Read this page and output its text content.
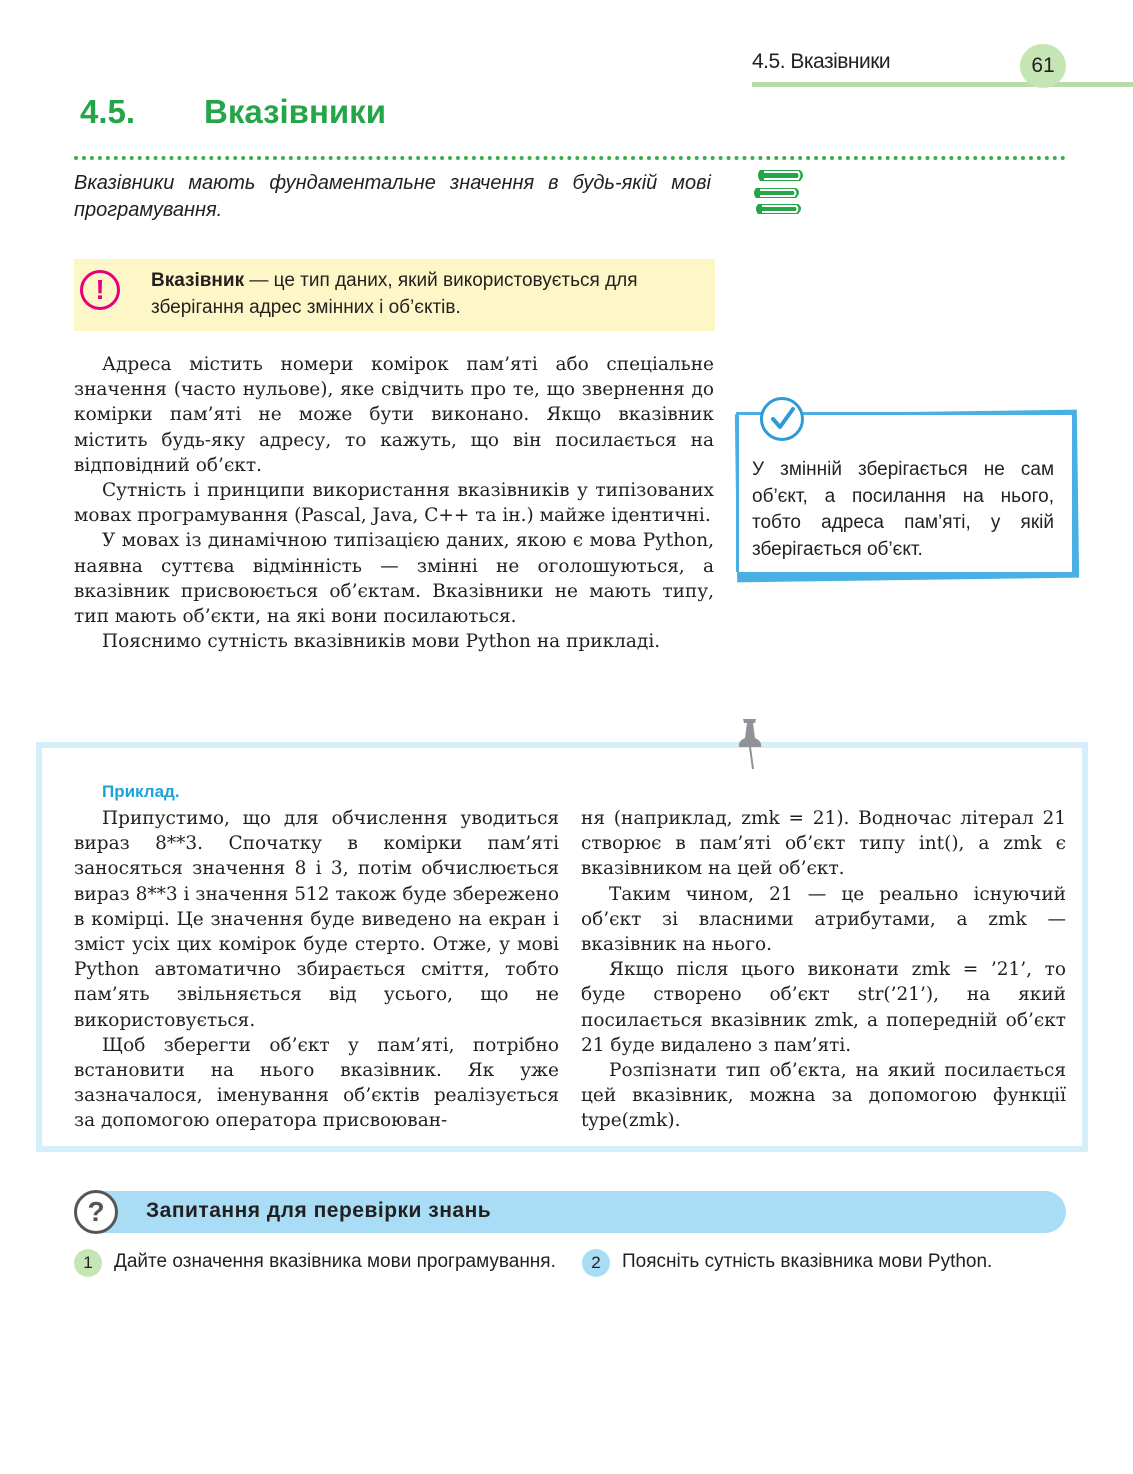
4.5. Вказівники	61
4.5. Вказівники
Вказівники мають фундаментальне значення в будь-якій мові програмування.
!	Вказівник — це тип даних, який використовується для зберігання адрес змінних і об’єктів.

Адреса містить номери комірок пам’яті або спеціальне значення (часто нульове), яке свідчить про те, що звернення до комірки пам’яті не може бути виконано. Якщо вказівник містить будь-яку адресу, то кажуть, що він посилається на відповідний об’єкт.

Сутність і принципи використання вказівників у типізованих мовах програмування (Pascal, Java, C++ та ін.) майже ідентичні.

У мовах із динамічною типізацією даних, якою є мова Python, наявна суттєва відмінність — змінні не оголошуються, а вказівник присвоюється об’єктам. Вказівники не мають типу, тип мають об’єкти, на які вони посилаються.

Пояснимо сутність вказівників мови Python на прикладі.

У змінній зберігається не сам об’єкт, а посилання на нього, тобто адреса пам’яті, у якій зберігається об’єкт.
Приклад.

Припустимо, що для обчислення уводиться вираз 8**3. Спочатку в комірки пам’яті заносяться значення 8 і 3, потім обчислюється вираз 8**3 і значення 512 також буде збережено в комірці. Це значення буде виведено на екран і зміст усіх цих комірок буде стерто. Отже, у мові Python автоматично збирається сміття, тобто пам’ять звільняється від усього, що не використовується.

Щоб зберегти об’єкт у пам’яті, потрібно встановити на нього вказівник. Як уже зазначалося, іменування об’єктів реалізується за допомогою оператора присвоюван-

ня (наприклад, zmk = 21). Водночас літерал 21 створює в пам’яті об’єкт типу int(), а zmk є вказівником на цей об’єкт.

Таким чином, 21 — це реально існуючий об’єкт зі власними атрибутами, а zmk — вказівник на нього.

Якщо після цього виконати zmk = ’21’, то буде створено об’єкт str(’21’), на який посилається вказівник zmk, а попередній об’єкт 21 буде видалено з пам’яті.

Розпізнати тип об’єкта, на який посилається цей вказівник, можна за допомогою функції type(zmk).

?	Запитання для перевірки знань
1	Дайте означення вказівника мови програмування.	2	Поясніть сутність вказівника мови Python.
